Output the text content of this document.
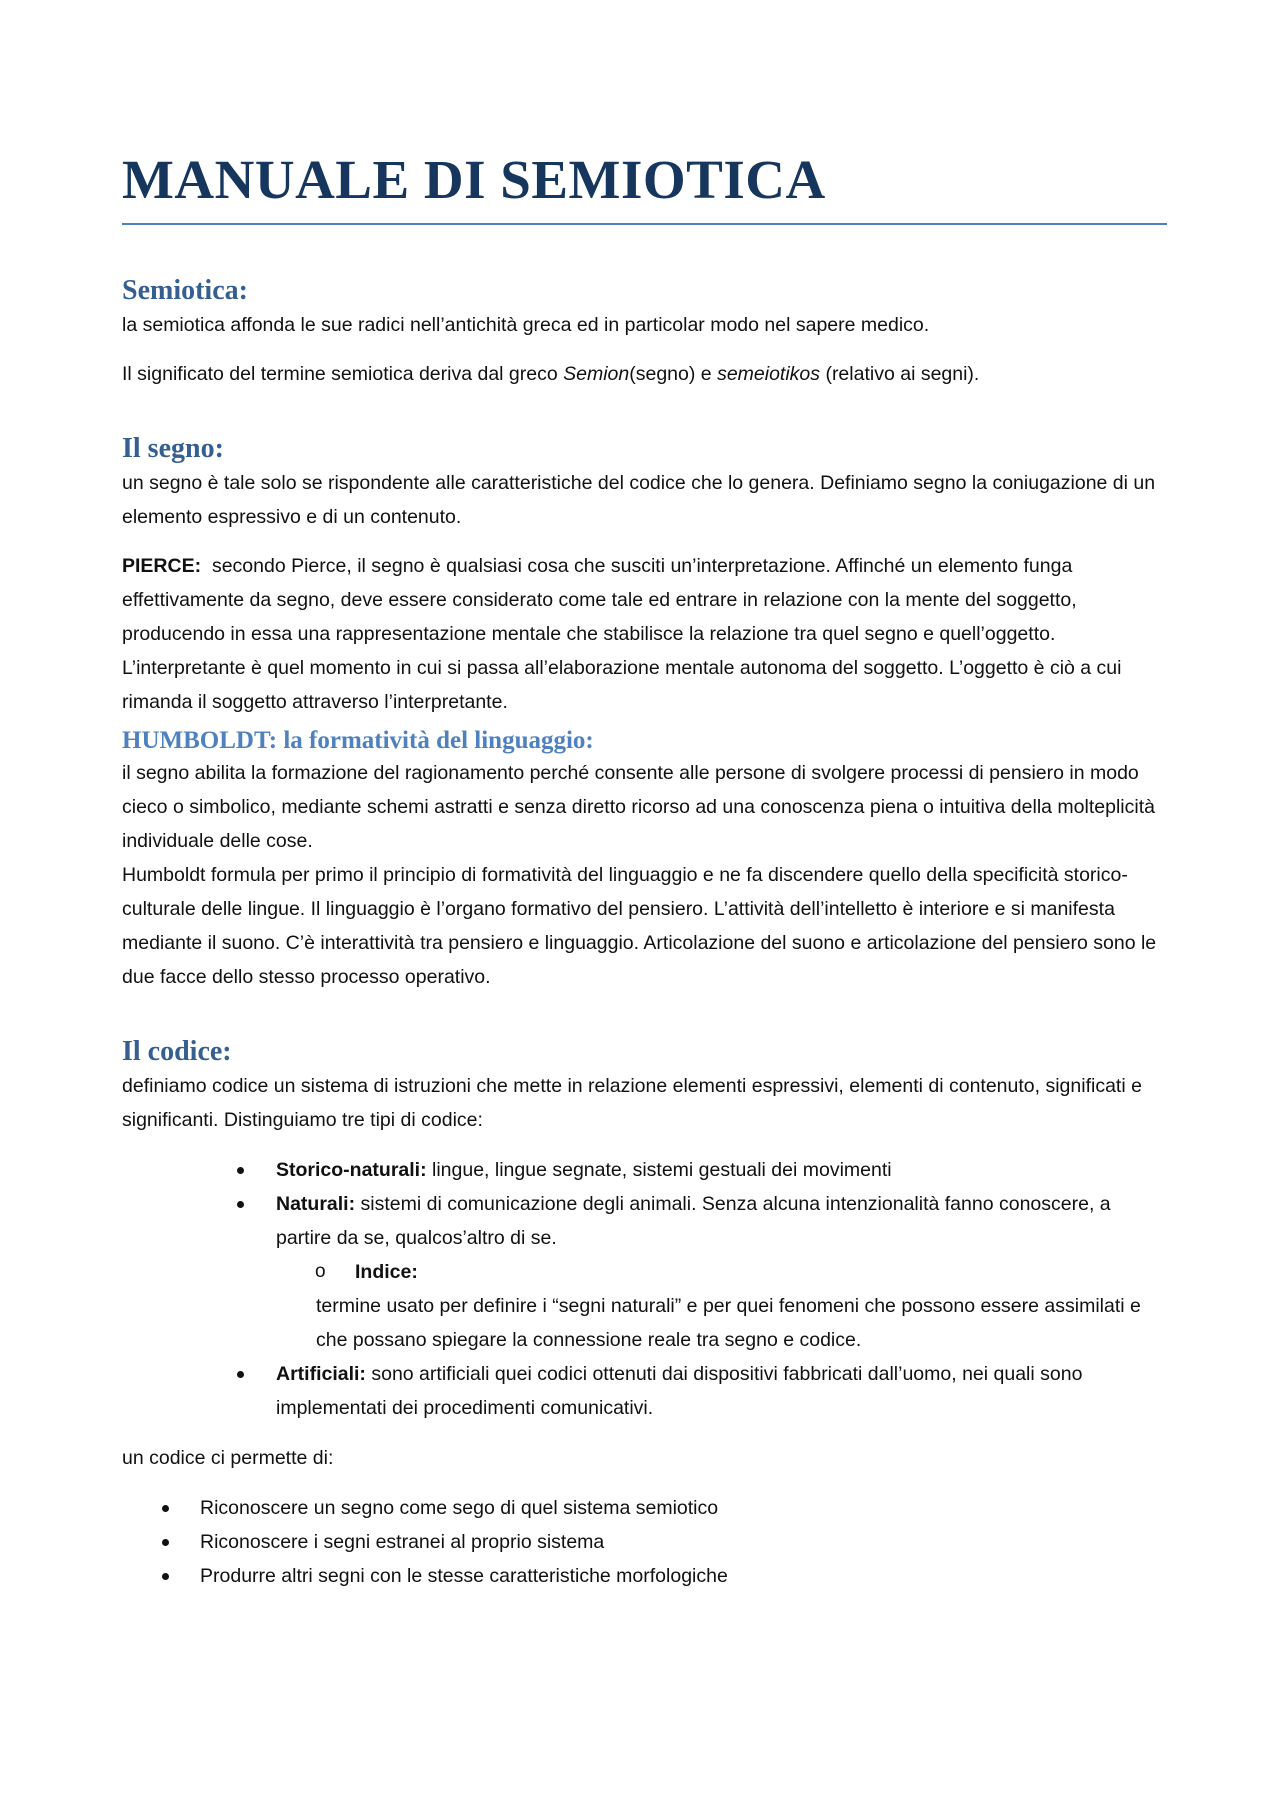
MANUALE DI SEMIOTICA
Semiotica:

la semiotica affonda le sue radici nell’antichità greca ed in particolar modo nel sapere medico.

Il significato del termine semiotica deriva dal greco Semion(segno) e semeiotikos (relativo ai segni).

Il segno:

un segno è tale solo se rispondente alle caratteristiche del codice che lo genera. Definiamo segno la coniugazione di un elemento espressivo e di un contenuto.

PIERCE:  secondo Pierce, il segno è qualsiasi cosa che susciti un’interpretazione. Affinché un elemento funga effettivamente da segno, deve essere considerato come tale ed entrare in relazione con la mente del soggetto, producendo in essa una rappresentazione mentale che stabilisce la relazione tra quel segno e quell’oggetto. L’interpretante è quel momento in cui si passa all’elaborazione mentale autonoma del soggetto. L’oggetto è ciò a cui rimanda il soggetto attraverso l’interpretante.

HUMBOLDT: la formatività del linguaggio:

il segno abilita la formazione del ragionamento perché consente alle persone di svolgere processi di pensiero in modo cieco o simbolico, mediante schemi astratti e senza diretto ricorso ad una conoscenza piena o intuitiva della molteplicità individuale delle cose.

Humboldt formula per primo il principio di formatività del linguaggio e ne fa discendere quello della specificità storico-culturale delle lingue. Il linguaggio è l’organo formativo del pensiero. L’attività dell’intelletto è interiore e si manifesta mediante il suono. C’è interattività tra pensiero e linguaggio. Articolazione del suono e articolazione del pensiero sono le due facce dello stesso processo operativo.

Il codice:

definiamo codice un sistema di istruzioni che mette in relazione elementi espressivi, elementi di contenuto, significati e significanti. Distinguiamo tre tipi di codice:

Storico-naturali: lingue, lingue segnate, sistemi gestuali dei movimenti
Naturali: sistemi di comunicazione degli animali. Senza alcuna intenzionalità fanno conoscere, a partire da se, qualcos’altro di se.
o	Indice:
termine usato per definire i “segni naturali” e per quei fenomeni che possono essere assimilati e che possano spiegare la connessione reale tra segno e codice.
Artificiali: sono artificiali quei codici ottenuti dai dispositivi fabbricati dall’uomo, nei quali sono implementati dei procedimenti comunicativi.

un codice ci permette di:

Riconoscere un segno come sego di quel sistema semiotico
Riconoscere i segni estranei al proprio sistema
Produrre altri segni con le stesse caratteristiche morfologiche
